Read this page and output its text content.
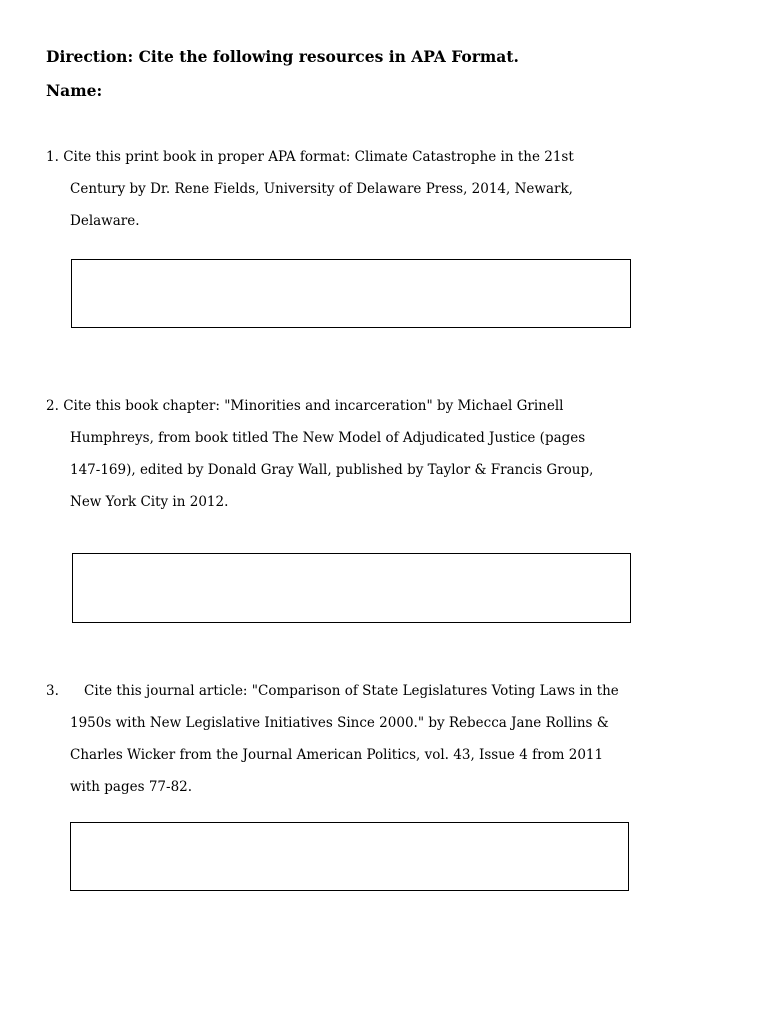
Direction: Cite the following resources in APA Format.

Name:

1. Cite this print book in proper APA format: Climate Catastrophe in the 21st
Century by Dr. Rene Fields, University of Delaware Press, 2014, Newark,
Delaware.
2. Cite this book chapter: "Minorities and incarceration" by Michael Grinell
Humphreys, from book titled The New Model of Adjudicated Justice (pages
147-169), edited by Donald Gray Wall, published by Taylor & Francis Group,
New York City in 2012.
3. Cite this journal article: "Comparison of State Legislatures Voting Laws in the
1950s with New Legislative Initiatives Since 2000." by Rebecca Jane Rollins &
Charles Wicker from the Journal American Politics, vol. 43, Issue 4 from 2011
with pages 77-82.
